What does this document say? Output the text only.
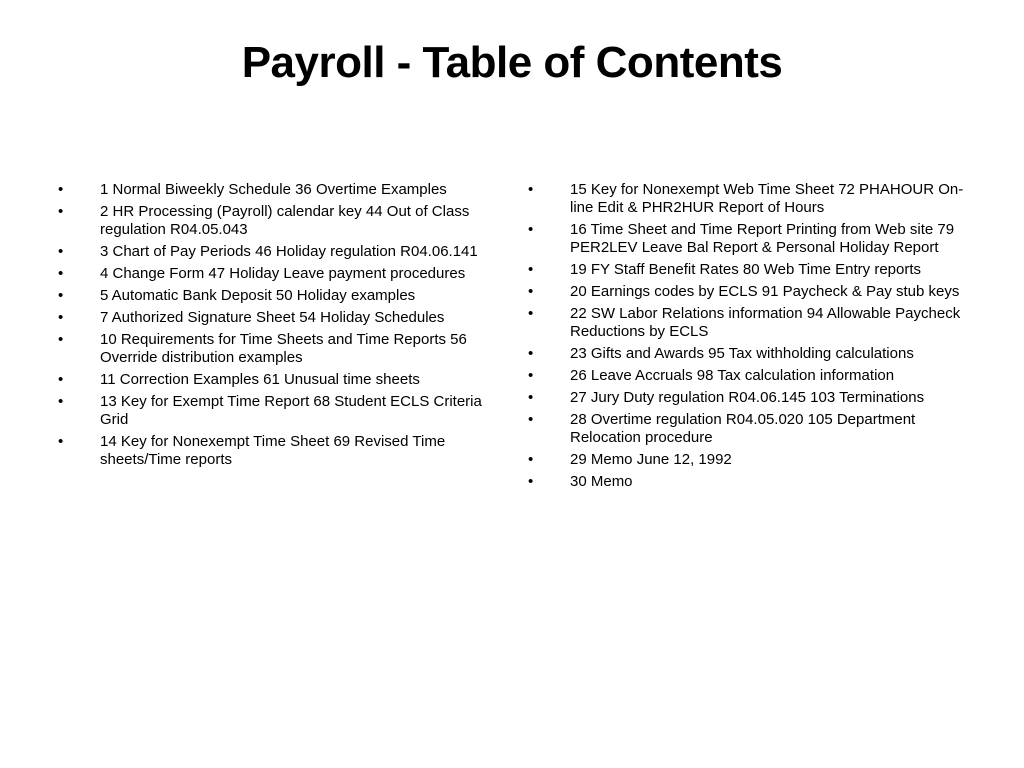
Payroll - Table of Contents
•	1 Normal Biweekly Schedule 36 Overtime Examples
•	2 HR Processing (Payroll) calendar key 44 Out of Class regulation R04.05.043
•	3 Chart of Pay Periods 46 Holiday regulation R04.06.141
•	4 Change Form 47 Holiday Leave payment procedures
•	5 Automatic Bank Deposit 50 Holiday examples
•	7 Authorized Signature Sheet 54 Holiday Schedules
•	10 Requirements for Time Sheets and Time Reports 56 Override distribution examples
•	11 Correction Examples 61 Unusual time sheets
•	13 Key for Exempt Time Report 68 Student ECLS Criteria Grid
•	14 Key for Nonexempt Time Sheet 69 Revised Time sheets/Time reports
•	15 Key for Nonexempt Web Time Sheet 72 PHAHOUR On-line Edit & PHR2HUR Report of Hours
•	16 Time Sheet and Time Report Printing from Web site 79 PER2LEV Leave Bal Report & Personal Holiday Report
•	19 FY Staff Benefit Rates 80 Web Time Entry reports
•	20 Earnings codes by ECLS 91 Paycheck & Pay stub keys
•	22 SW Labor Relations information 94 Allowable Paycheck Reductions by ECLS
•	23 Gifts and Awards 95 Tax withholding calculations
•	26 Leave Accruals 98 Tax calculation information
•	27 Jury Duty regulation R04.06.145 103 Terminations
•	28 Overtime regulation R04.05.020 105 Department Relocation procedure
•	29 Memo June 12, 1992
•	30 Memo
